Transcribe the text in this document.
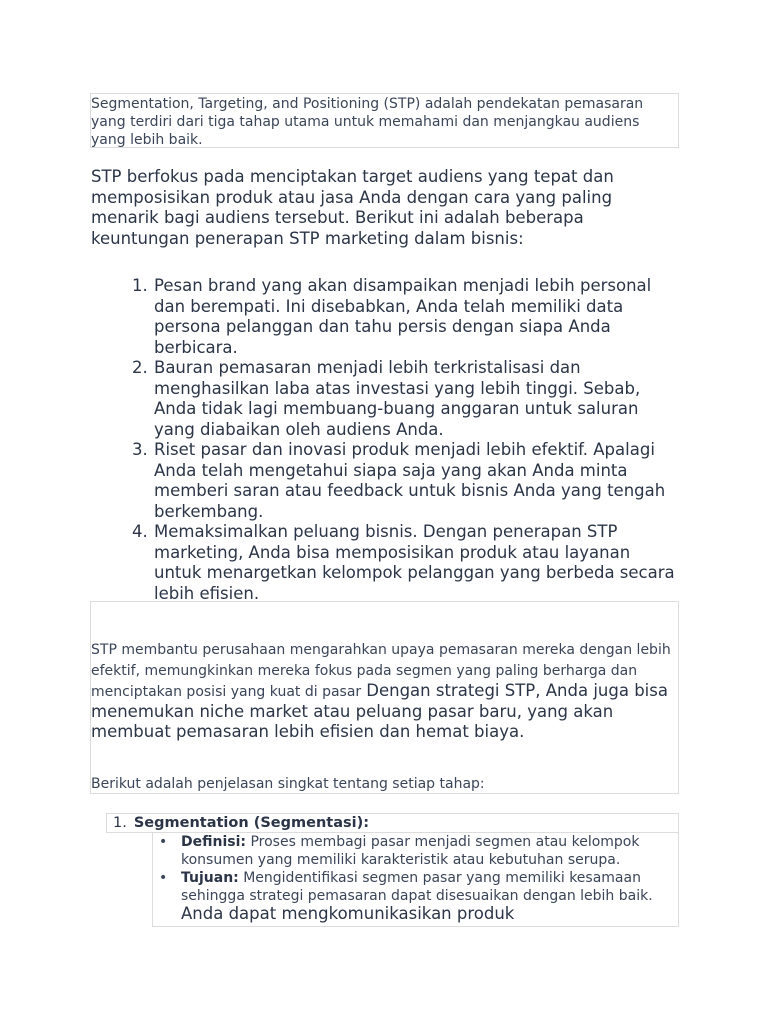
Segmentation, Targeting, and Positioning (STP) adalah pendekatan pemasaran yang terdiri dari tiga tahap utama untuk memahami dan menjangkau audiens yang lebih baik.

STP berfokus pada menciptakan target audiens yang tepat dan memposisikan produk atau jasa Anda dengan cara yang paling menarik bagi audiens tersebut. Berikut ini adalah beberapa keuntungan penerapan STP marketing dalam bisnis:

1. Pesan brand yang akan disampaikan menjadi lebih personal dan berempati. Ini disebabkan, Anda telah memiliki data persona pelanggan dan tahu persis dengan siapa Anda berbicara.
2. Bauran pemasaran menjadi lebih terkristalisasi dan menghasilkan laba atas investasi yang lebih tinggi. Sebab, Anda tidak lagi membuang-buang anggaran untuk saluran yang diabaikan oleh audiens Anda.
3. Riset pasar dan inovasi produk menjadi lebih efektif. Apalagi Anda telah mengetahui siapa saja yang akan Anda minta memberi saran atau feedback untuk bisnis Anda yang tengah berkembang.
4. Memaksimalkan peluang bisnis. Dengan penerapan STP marketing, Anda bisa memposisikan produk atau layanan untuk menargetkan kelompok pelanggan yang berbeda secara lebih efisien.

STP membantu perusahaan mengarahkan upaya pemasaran mereka dengan lebih efektif, memungkinkan mereka fokus pada segmen yang paling berharga dan menciptakan posisi yang kuat di pasar Dengan strategi STP, Anda juga bisa menemukan niche market atau peluang pasar baru, yang akan membuat pemasaran lebih efisien dan hemat biaya.

Berikut adalah penjelasan singkat tentang setiap tahap:

1. Segmentation (Segmentasi):

• Definisi: Proses membagi pasar menjadi segmen atau kelompok konsumen yang memiliki karakteristik atau kebutuhan serupa.
• Tujuan: Mengidentifikasi segmen pasar yang memiliki kesamaan sehingga strategi pemasaran dapat disesuaikan dengan lebih baik. Anda dapat mengkomunikasikan produk
